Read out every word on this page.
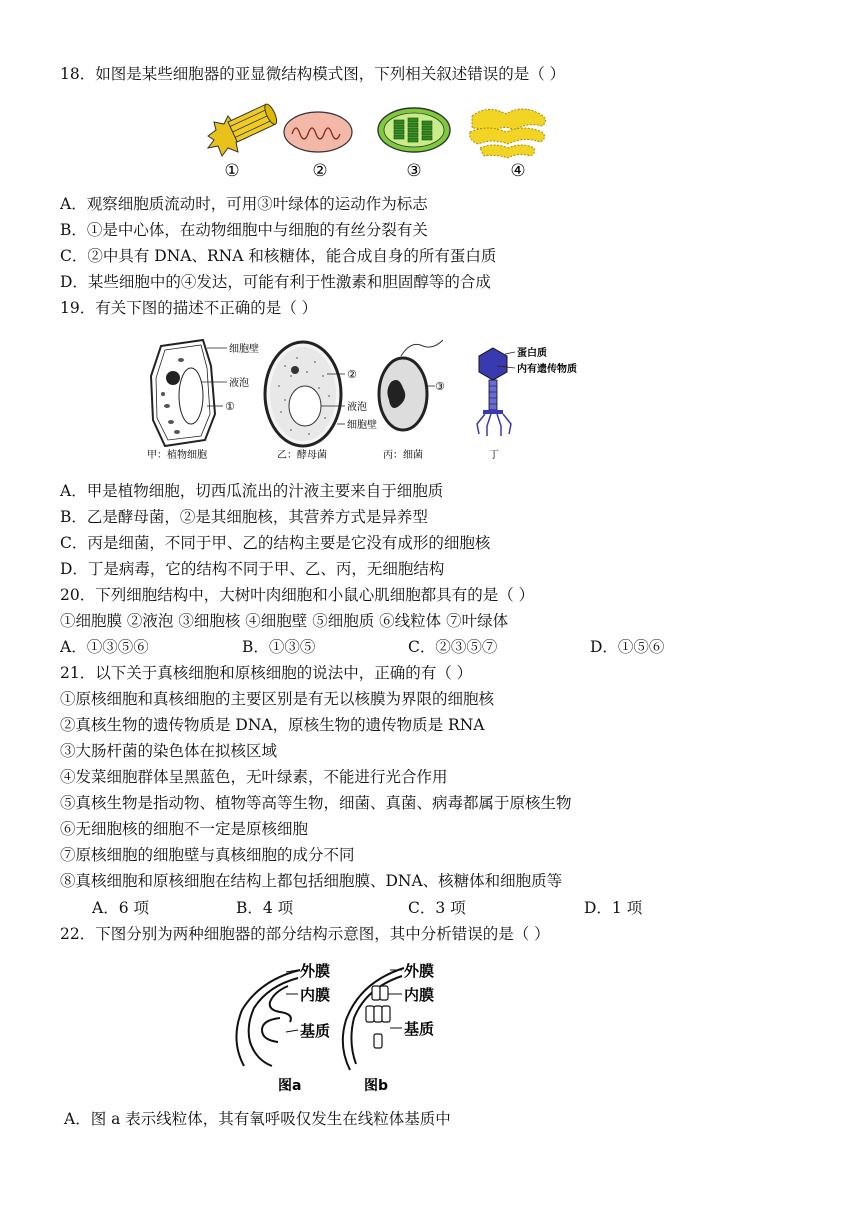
18．如图是某些细胞器的亚显微结构模式图，下列相关叙述错误的是（ ）
①	②	③	④
A．观察细胞质流动时，可用③叶绿体的运动作为标志
B．①是中心体，在动物细胞中与细胞的有丝分裂有关
C．②中具有 DNA、RNA 和核糖体，能合成自身的所有蛋白质
D．某些细胞中的④发达，可能有利于性激素和胆固醇等的合成
19．有关下图的描述不正确的是（ ）
细胞壁
液泡
①
甲：植物细胞
②
液泡
细胞壁
乙：酵母菌
③
丙：细菌
蛋白质
内有遗传物质
丁
A．甲是植物细胞，切西瓜流出的汁液主要来自于细胞质
B．乙是酵母菌，②是其细胞核，其营养方式是异养型
C．丙是细菌，不同于甲、乙的结构主要是它没有成形的细胞核
D．丁是病毒，它的结构不同于甲、乙、丙，无细胞结构
20．下列细胞结构中，大树叶肉细胞和小鼠心肌细胞都具有的是（ ）
①细胞膜 ②液泡 ③细胞核 ④细胞壁 ⑤细胞质 ⑥线粒体 ⑦叶绿体
A．①③⑤⑥	B．①③⑤	C．②③⑤⑦	D．①⑤⑥
21．以下关于真核细胞和原核细胞的说法中，正确的有（ ）
①原核细胞和真核细胞的主要区别是有无以核膜为界限的细胞核
②真核生物的遗传物质是 DNA，原核生物的遗传物质是 RNA
③大肠杆菌的染色体在拟核区域
④发菜细胞群体呈黑蓝色，无叶绿素，不能进行光合作用
⑤真核生物是指动物、植物等高等生物，细菌、真菌、病毒都属于原核生物
⑥无细胞核的细胞不一定是原核细胞
⑦原核细胞的细胞壁与真核细胞的成分不同
⑧真核细胞和原核细胞在结构上都包括细胞膜、DNA、核糖体和细胞质等
A．6 项	B．4 项	C．3 项	D．1 项
22．下图分别为两种细胞器的部分结构示意图，其中分析错误的是（ ）
外膜
内膜
基质
外膜
内膜
基质
图a	图b
A．图 a 表示线粒体，其有氧呼吸仅发生在线粒体基质中
